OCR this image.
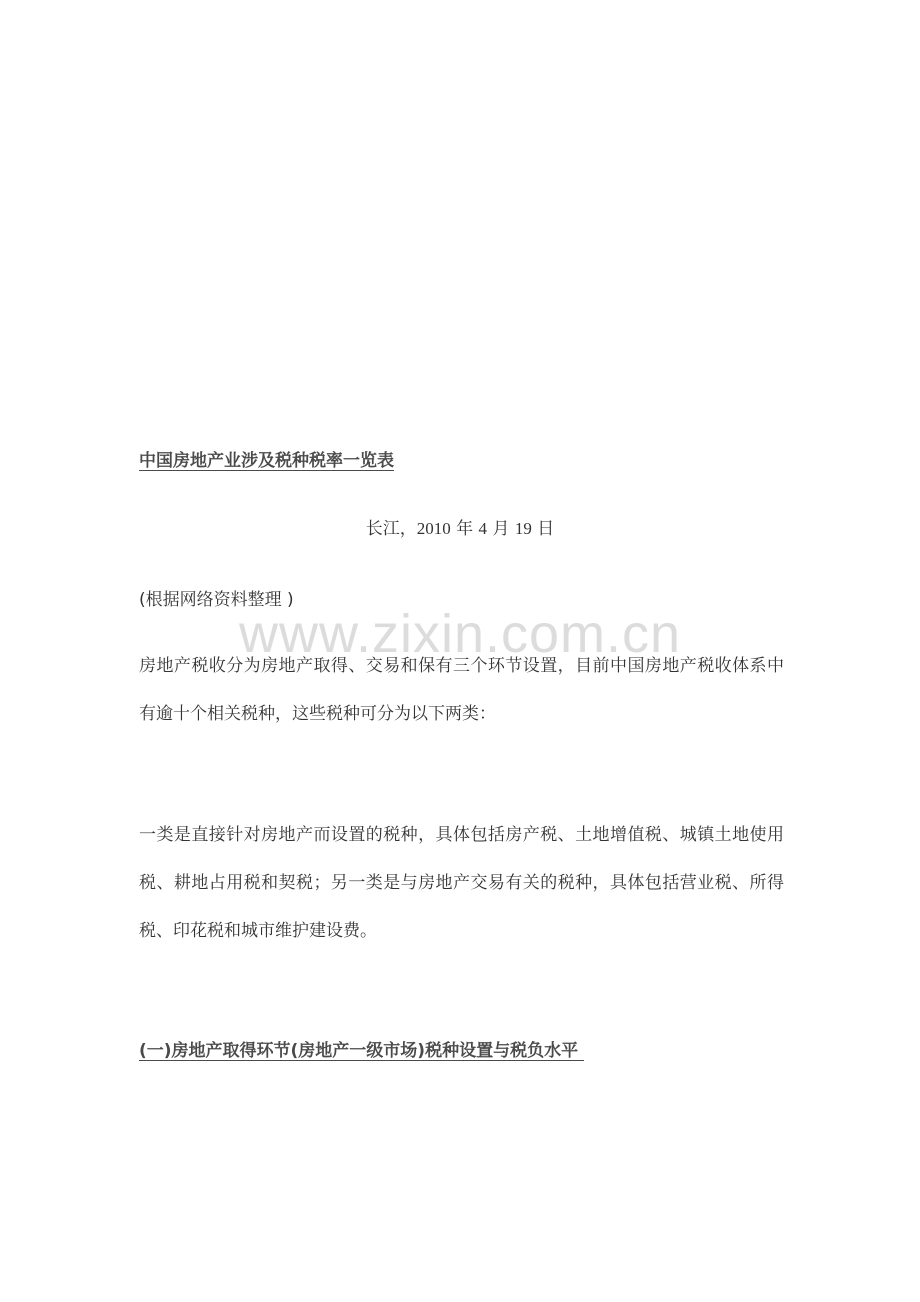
中国房地产业涉及税种税率一览表
长江，2010 年 4 月 19 日
(根据网络资料整理 )
www.zixin.com.cn
房地产税收分为房地产取得、交易和保有三个环节设置，目前中国房地产税收体系中有逾十个相关税种，这些税种可分为以下两类：
一类是直接针对房地产而设置的税种，具体包括房产税、土地增值税、城镇土地使用税、耕地占用税和契税；另一类是与房地产交易有关的税种，具体包括营业税、所得税、印花税和城市维护建设费。
(一)房地产取得环节(房地产一级市场)税种设置与税负水平
